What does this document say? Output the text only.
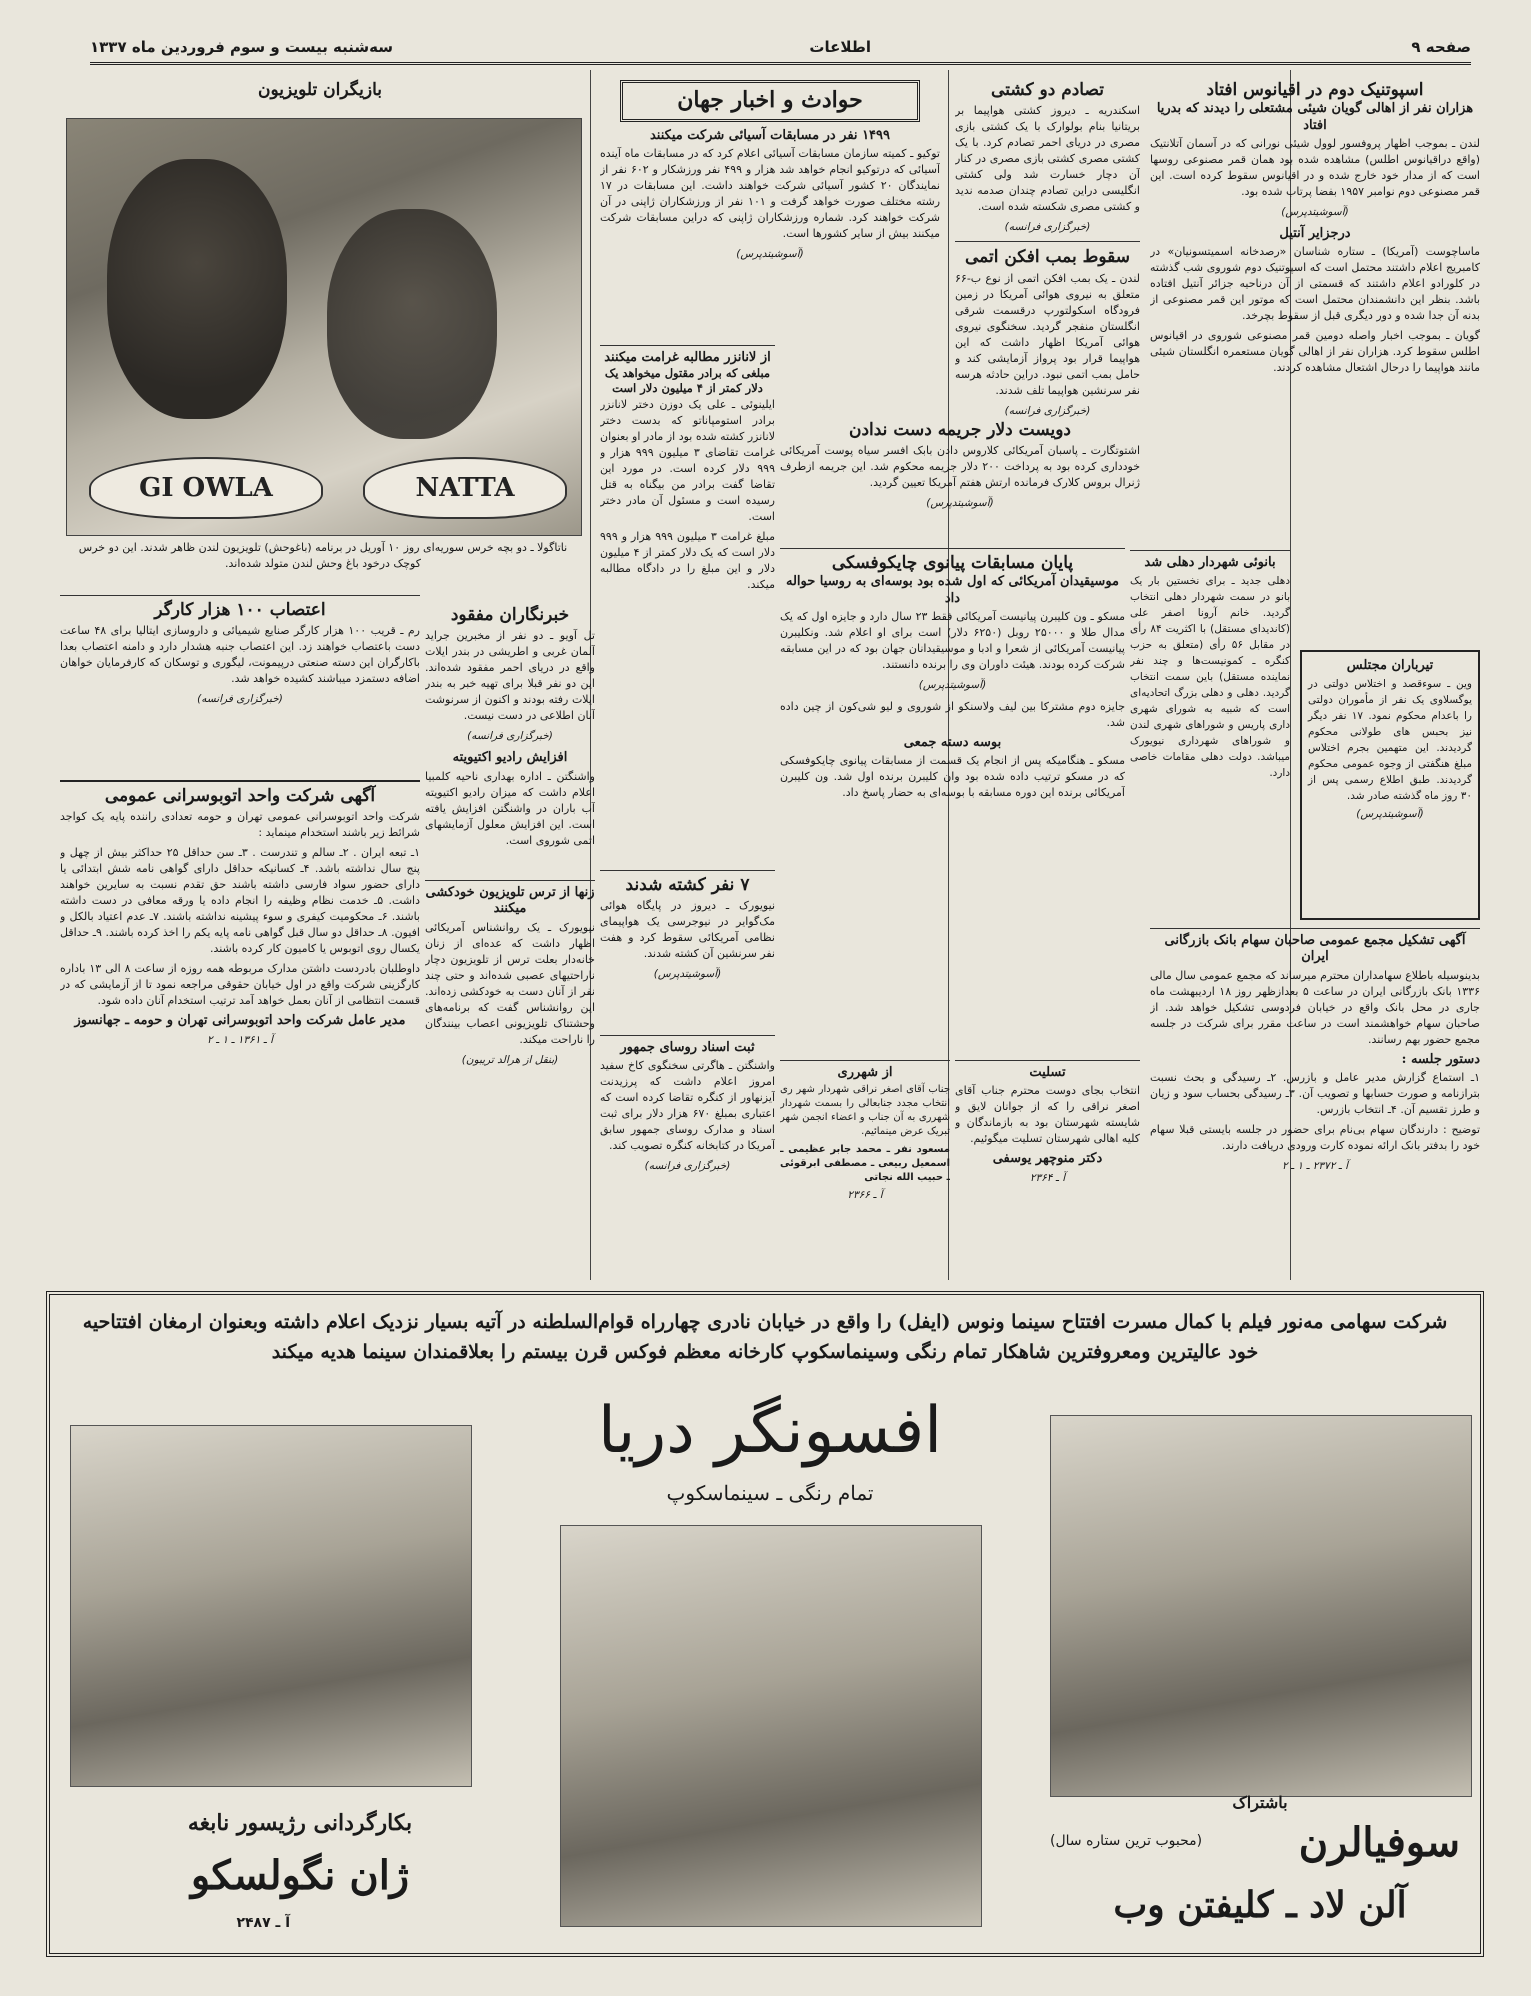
صفحه ۹
اطلاعات
سه‌شنبه بیست و سوم فروردین ماه ۱۳۳۷
اسپوتنیک دوم در اقیانوس افتاد
هزاران نفر از اهالی گویان شیئی مشتعلی را دیدند که بدریا افتاد

لندن ـ بموجب اظهار پروفسور لوول شیئی نورانی که در آسمان آتلانتیک (واقع دراقیانوس اطلس) مشاهده شده بود همان قمر مصنوعی روسها است که از مدار خود خارج شده و در اقیانوس سقوط کرده است. این قمر مصنوعی دوم نوامبر ۱۹۵۷ بفضا پرتاب شده بود.

(آسوشیتدپرس)
درجزایر آنتیل

ماساچوست (آمریکا) ـ ستاره شناسان «رصدخانه اسمیتسونیان» در کامبریج اعلام داشتند محتمل است که اسپوتنیک دوم شوروی شب گذشته در کلورادو اعلام داشتند که قسمتی از آن درناحیه جزائر آنتیل افتاده باشد. بنظر این دانشمندان محتمل است که موتور این قمر مصنوعی از بدنه آن جدا شده و دور دیگری قبل از سقوط بچرخد.

گویان ـ بموجب اخبار واصله دومین قمر مصنوعی شوروی در اقیانوس اطلس سقوط کرد. هزاران نفر از اهالی گویان مستعمره انگلستان شیئی مانند هواپیما را درحال اشتعال مشاهده کردند.

تیرباران مجتلس

وین ـ سوءقصد و اختلاس دولتی در یوگسلاوی یک نفر از مأموران دولتی را باعدام محکوم نمود. ۱۷ نفر دیگر نیز بحبس های طولانی محکوم گردیدند. این متهمین بجرم اختلاس مبلغ هنگفتی از وجوه عمومی محکوم گردیدند. طبق اطلاع رسمی پس از ۳۰ روز ماه گذشته صادر شد.

(آسوشیتدپرس)
آگهی تشکیل مجمع عمومی صاحبان سهام بانک بازرگانی ایران

بدینوسیله باطلاع سهامداران محترم میرساند که مجمع عمومی سال مالی ۱۳۳۶ بانک بازرگانی ایران در ساعت ۵ بعدازظهر روز ۱۸ اردیبهشت ماه جاری در محل بانک واقع در خیابان فردوسی تشکیل خواهد شد. از صاحبان سهام خواهشمند است در ساعت مقرر برای شرکت در جلسه مجمع حضور بهم رسانند.

دستور جلسه :

۱ـ استماع گزارش مدیر عامل و بازرس. ۲ـ رسیدگی و بحث نسبت بترازنامه و صورت حسابها و تصویب آن. ۳ـ رسیدگی بحساب سود و زیان و طرز تقسیم آن. ۴ـ انتخاب بازرس.

توضیح : دارندگان سهام بی‌نام برای حضور در جلسه بایستی قبلا سهام خود را بدفتر بانک ارائه نموده کارت ورودی دریافت دارند.

آ ـ ۲۳۷۲ ـ ۱ ـ ۲
تصادم دو کشتی

اسکندریه ـ دیروز کشتی هواپیما بر بریتانیا بنام بولوارک با یک کشتی بازی مصری در دریای احمر تصادم کرد. با یک کشتی مصری کشتی بازی مصری در کنار آن دچار خسارت شد ولی کشتی انگلیسی دراین تصادم چندان صدمه ندید و کشتی مصری شکسته شده است.

(خبرگزاری فرانسه)
سقوط بمب افکن اتمی

لندن ـ یک بمب افکن اتمی از نوع ب‑۶۶ متعلق به نیروی هوائی آمریکا در زمین فرودگاه اسکولتورپ درقسمت شرقی انگلستان منفجر گردید. سخنگوی نیروی هوائی آمریکا اظهار داشت که این هواپیما قرار بود پرواز آزمایشی کند و حامل بمب اتمی نبود. دراین حادثه هرسه نفر سرنشین هواپیما تلف شدند.

(خبرگزاری فرانسه)
دویست دلار جریمه دست ندادن

اشتوتگارت ـ پاسبان آمریکائی کلاروس دادن بابک افسر سیاه پوست آمریکائی خودداری کرده بود به پرداخت ۲۰۰ دلار جریمه محکوم شد. این جریمه ازطرف ژنرال بروس کلارک فرمانده ارتش هفتم آمریکا تعیین گردید.

(آسوشیتدپرس)
بانوئی شهردار دهلی شد

دهلی جدید ـ برای نخستین بار یک بانو در سمت شهردار دهلی انتخاب گردید. خانم آرونا اصفر علی (کاندیدای مستقل) با اکثریت ۸۴ رأی در مقابل ۵۶ رأی (متعلق به حزب کنگره ـ کمونیست‌ها و چند نفر نماینده مستقل) باین سمت انتخاب گردید. دهلی و دهلی بزرگ اتحادیه‌ای است که شبیه به شورای شهری داری پاریس و شوراهای شهری لندن و شوراهای شهرداری نیویورک میباشد. دولت دهلی مقامات خاصی دارد.

پایان مسابقات پیانوی چایکوفسکی
موسیقیدان آمریکائی که اول شده بود بوسه‌ای به روسیا حواله داد

مسکو ـ ون کلیبرن پیانیست آمریکائی فقط ۲۳ سال دارد و جایزه اول که یک مدال طلا و ۲۵۰۰۰ روبل (۶۲۵۰ دلار) است برای او اعلام شد. ونکلیبرن پیانیست آمریکائی از شعرا و ادبا و موسیقیدانان جهان بود که در این مسابقه شرکت کرده بودند. هیئت داوران وی را برنده دانستند.

(آسوشیتدپرس)

جایزه دوم مشترکا بین لیف ولاسنکو از شوروی و لیو شی‌کون از چین داده شد.

بوسه دسته جمعی

مسکو ـ هنگامیکه پس از انجام یک قسمت از مسابقات پیانوی چایکوفسکی که در مسکو ترتیب داده شده بود وان کلیبرن برنده اول شد. ون کلیبرن آمریکائی برنده این دوره مسابقه با بوسه‌ای به حضار پاسخ داد.

تسلیت

انتخاب بجای دوست محترم جناب آقای اصغر نراقی را که از جوانان لایق و شایسته شهرستان بود به بازماندگان و کلیه اهالی شهرستان تسلیت میگوئیم.

دکتر منوچهر یوسفی
آ ـ ۲۳۶۴
از شهرری

جناب آقای اصغر نراقی شهردار شهر ری انتخاب مجدد جنابعالی را بسمت شهردار شهرری به آن جناب و اعضاء انجمن شهر تبریک عرض مینمائیم.

مسعود نفر ـ محمد جابر عظیمی ـ اسمعیل ربیعی ـ مصطفی ابرقوئی ـ حبیب الله نجاتی
آ ـ ۲۳۶۶
حوادث و اخبار جهان
۱۴۹۹ نفر در مسابقات آسیائی شرکت میکنند

توکیو ـ کمیته سازمان مسابقات آسیائی اعلام کرد که در مسابقات ماه آینده آسیائی که درتوکیو انجام خواهد شد هزار و ۴۹۹ نفر ورزشکار و ۶۰۲ نفر از نمایندگان ۲۰ کشور آسیائی شرکت خواهند داشت. این مسابقات در ۱۷ رشته مختلف صورت خواهد گرفت و ۱۰۱ نفر از ورزشکاران ژاپنی در آن شرکت خواهند کرد. شماره ورزشکاران ژاپنی که دراین مسابقات شرکت میکنند بیش از سایر کشورها است.

(آسوشیتدپرس)
از لانانزر مطالبه غرامت میکنند
مبلغی که برادر مقتول میخواهد یک دلار کمتر از ۴ میلیون دلار است

ایلینوئی ـ علی یک دوزن دختر لانانزر برادر استومپاناتو که بدست دختر لانانزر کشته شده بود از مادر او بعنوان غرامت تقاضای ۳ میلیون ۹۹۹ هزار و ۹۹۹ دلار کرده است. در مورد این تقاضا گفت برادر من بیگناه به قتل رسیده است و مسئول آن مادر دختر است.

مبلغ غرامت ۳ میلیون ۹۹۹ هزار و ۹۹۹ دلار است که یک دلار کمتر از ۴ میلیون دلار و این مبلغ را در دادگاه مطالبه میکند.

خبرنگاران مفقود

تل آویو ـ دو نفر از مخبرین جراید آلمان غربی و اطریشی در بندر ایلات واقع در دریای احمر مفقود شده‌اند. این دو نفر قبلا برای تهیه خبر به بندر ایلات رفته بودند و اکنون از سرنوشت آنان اطلاعی در دست نیست.

(خبرگزاری فرانسه)
افزایش رادیو اکتیویته

واشنگتن ـ اداره بهداری ناحیه کلمبیا اعلام داشت که میزان رادیو اکتیویته آب باران در واشنگتن افزایش یافته است. این افزایش معلول آزمایشهای اتمی شوروی است.

۷ نفر کشته شدند

نیویورک ـ دیروز در پایگاه هوائی مک‌گوایر در نیوجرسی یک هواپیمای نظامی آمریکائی سقوط کرد و هفت نفر سرنشین آن کشته شدند.

(آسوشیتدپرس)
ثبت اسناد روسای جمهور

واشنگتن ـ هاگرتی سخنگوی کاخ سفید امروز اعلام داشت که پرزیدنت آیزنهاور از کنگره تقاضا کرده است که اعتباری بمبلغ ۶۷۰ هزار دلار برای ثبت اسناد و مدارک روسای جمهور سابق آمریکا در کتابخانه کنگره تصویب کند.

(خبرگزاری فرانسه)
زنها از ترس تلویزیون خودکشی میکنند

نیویورک ـ یک روانشناس آمریکائی اظهار داشت که عده‌ای از زنان خانه‌دار بعلت ترس از تلویزیون دچار ناراحتیهای عصبی شده‌اند و حتی چند نفر از آنان دست به خودکشی زده‌اند. این روانشناس گفت که برنامه‌های وحشتناک تلویزیونی اعصاب بینندگان را ناراحت میکند.

(بنقل از هرالد تریبون)
بازیگران تلویزیون
GI OWLA	NATTA
ناتاگولا ـ دو بچه خرس سوریه‌ای روز ۱۰ آوریل در برنامه (باغوحش) تلویزیون لندن ظاهر شدند. این دو خرس کوچک درخود باغ وحش لندن متولد شده‌اند.
اعتصاب ۱۰۰ هزار کارگر

رم ـ قریب ۱۰۰ هزار کارگر صنایع شیمیائی و داروسازی ایتالیا برای ۴۸ ساعت دست باعتصاب خواهند زد. این اعتصاب جنبه هشدار دارد و دامنه اعتصاب بعدا باکارگران این دسته صنعتی درپیمونت، لیگوری و توسکان که کارفرمایان خواهان اضافه دستمزد میباشند کشیده خواهد شد.

(خبرگزاری فرانسه)
آگهی شرکت واحد اتوبوسرانی عمومی

شرکت واحد اتوبوسرانی عمومی تهران و حومه تعدادی راننده پایه یک کواجد شرائط زیر باشند استخدام مینماید :

۱ـ تبعه ایران . ۲ـ سالم و تندرست . ۳ـ سن حداقل ۲۵ حداکثر بیش از چهل و پنج سال نداشته باشد. ۴ـ کسانیکه حداقل دارای گواهی نامه شش ابتدائی یا دارای حضور سواد فارسی داشته باشند حق تقدم نسبت به سایرین خواهند داشت. ۵ـ خدمت نظام وظیفه را انجام داده یا ورقه معافی در دست داشته باشند. ۶ـ محکومیت کیفری و سوء پیشینه نداشته باشند. ۷ـ عدم اعتیاد بالکل و افیون. ۸ـ حداقل دو سال قبل گواهی نامه پایه یکم را اخذ کرده باشند. ۹ـ حداقل یکسال روی اتوبوس یا کامیون کار کرده باشند.

داوطلبان بادردست داشتن مدارک مربوطه همه روزه از ساعت ۸ الی ۱۳ باداره کارگزینی شرکت واقع در اول خیابان حقوقی مراجعه نمود تا از آزمایشی که در قسمت انتظامی از آنان بعمل خواهد آمد ترتیب استخدام آنان داده شود.

مدیر عامل شرکت واحد اتوبوسرانی تهران و حومه ـ جهانسوز
آ ـ ۱۳۶۱ ـ ۱ ـ ۲
شرکت سهامی مه‌نور فیلم با کمال مسرت افتتاح سینما ونوس (ایفل) را واقع در خیابان نادری چهارراه قوام‌السلطنه در آتیه بسیار نزدیک اعلام داشته وبعنوان ارمغان افتتاحیه خود عالیترین ومعروفترین شاهکار تمام رنگی وسینماسکوپ کارخانه معظم فوکس قرن بیستم را بعلاقمندان سینما هدیه میکند
افسونگر دریا
تمام رنگی ـ سینماسکوپ
بکارگردانی رژیسور نابغه
ژان نگولسکو
آ ـ ۲۴۸۷
باشتراک
سوفیالرن
(محبوب ترین ستاره سال)
آلن لاد ـ کلیفتن وب
